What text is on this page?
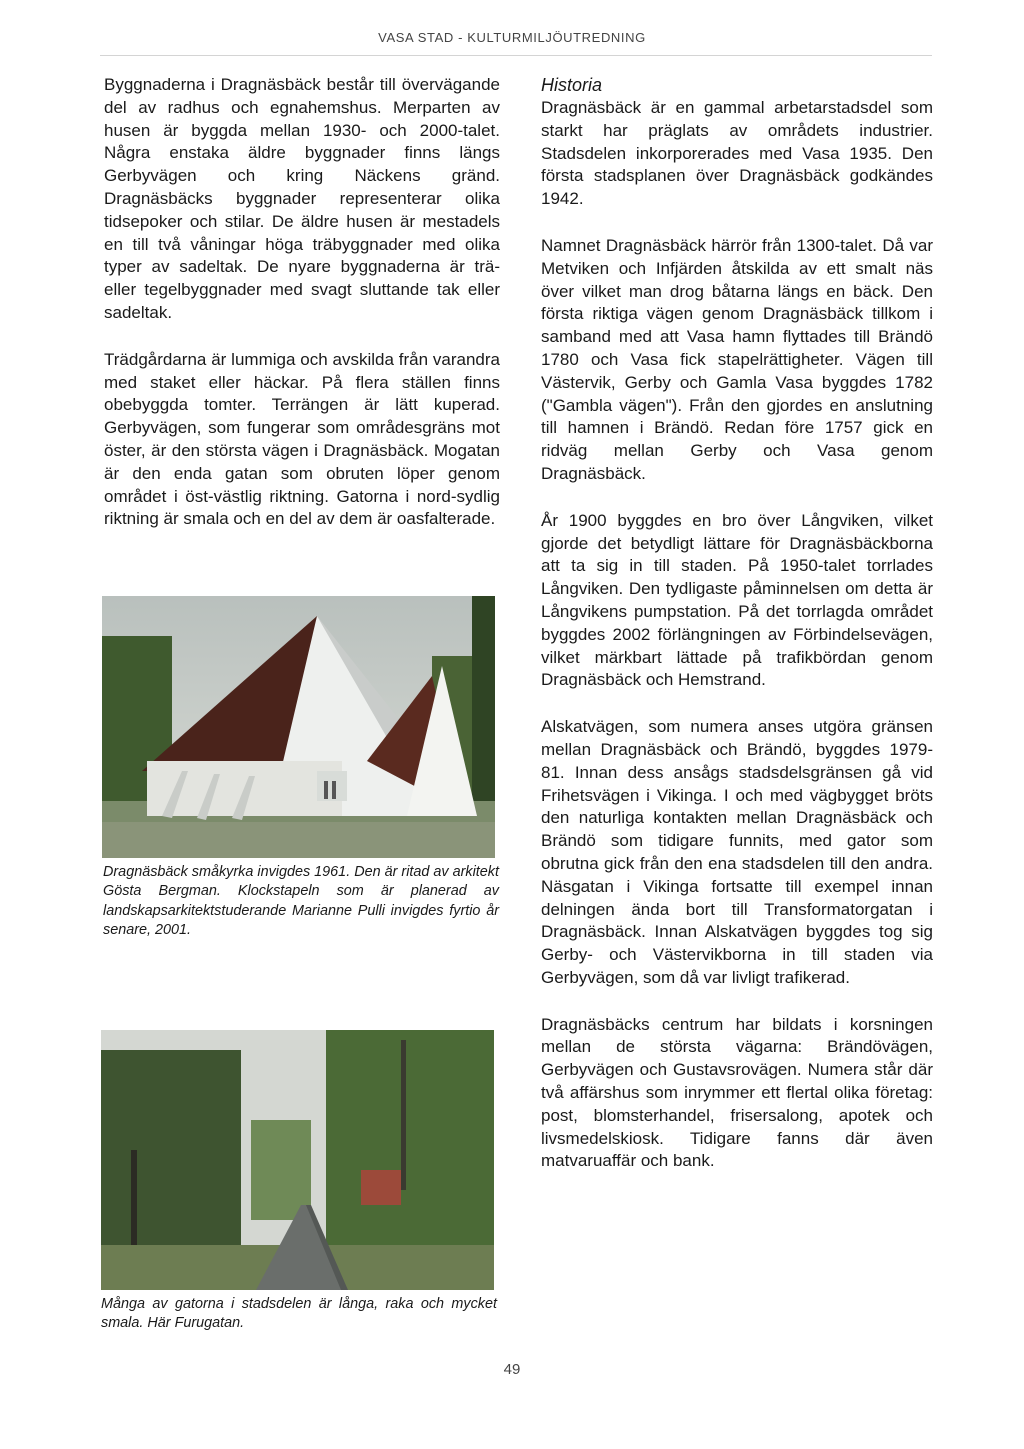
VASA STAD - KULTURMILJÖUTREDNING

Byggnaderna i Dragnäsbäck består till övervägande del av radhus och egnahemshus. Merparten av husen är byggda mellan 1930- och 2000-talet. Några enstaka äldre byggnader finns längs Gerbyvägen och kring Näckens gränd. Dragnäsbäcks byggnader representerar olika tidsepoker och stilar. De äldre husen är mestadels en till två våningar höga träbyggnader med olika typer av sadeltak. De nyare byggnaderna är trä- eller tegelbyggnader med svagt sluttande tak eller sadeltak.

Trädgårdarna är lummiga och avskilda från varandra med staket eller häckar. På flera ställen finns obebyggda tomter. Terrängen är lätt kuperad. Gerbyvägen, som fungerar som områdesgräns mot öster, är den största vägen i Dragnäsbäck. Mogatan är den enda gatan som obruten löper genom området i öst-västlig riktning. Gatorna i nord-sydlig riktning är smala och en del av dem är oasfalterade.

Dragnäsbäck småkyrka invigdes 1961. Den är ritad av arkitekt Gösta Bergman. Klockstapeln som är planerad av landskapsarkitektstuderande Marianne Pulli invigdes fyrtio år senare, 2001.
Många av gatorna i stadsdelen är långa, raka och mycket smala. Här Furugatan.
Historia

Dragnäsbäck är en gammal arbetarstadsdel som starkt har präglats av områdets industrier. Stadsdelen inkorporerades med Vasa 1935. Den första stadsplanen över Dragnäsbäck godkändes 1942.

Namnet Dragnäsbäck härrör från 1300-talet. Då var Metviken och Infjärden åtskilda av ett smalt näs över vilket man drog båtarna längs en bäck. Den första riktiga vägen genom Dragnäsbäck tillkom i samband med att Vasa hamn flyttades till Brändö 1780 och Vasa fick stapelrättigheter. Vägen till Västervik, Gerby och Gamla Vasa byggdes 1782 ("Gambla vägen"). Från den gjordes en anslutning till hamnen i Brändö. Redan före 1757 gick en ridväg mellan Gerby och Vasa genom Dragnäsbäck.

År 1900 byggdes en bro över Långviken, vilket gjorde det betydligt lättare för Dragnäsbäckborna att ta sig in till staden. På 1950-talet torrlades Långviken. Den tydligaste påminnelsen om detta är Långvikens pumpstation. På det torrlagda området byggdes 2002 förlängningen av Förbindelsevägen, vilket märkbart lättade på trafikbördan genom Dragnäsbäck och Hemstrand.

Alskatvägen, som numera anses utgöra gränsen mellan Dragnäsbäck och Brändö, byggdes 1979-81. Innan dess ansågs stadsdelsgränsen gå vid Frihetsvägen i Vikinga. I och med vägbygget bröts den naturliga kontakten mellan Dragnäsbäck och Brändö som tidigare funnits, med gator som obrutna gick från den ena stadsdelen till den andra. Näsgatan i Vikinga fortsatte till exempel innan delningen ända bort till Transformatorgatan i Dragnäsbäck. Innan Alskatvägen byggdes tog sig Gerby- och Västervikborna in till staden via Gerbyvägen, som då var livligt trafikerad.

Dragnäsbäcks centrum har bildats i korsningen mellan de största vägarna: Brändövägen, Gerbyvägen och Gustavsrovägen. Numera står där två affärshus som inrymmer ett flertal olika företag: post, blomsterhandel, frisersalong, apotek och livsmedelskiosk. Tidigare fanns där även matvaruaffär och bank.

49
